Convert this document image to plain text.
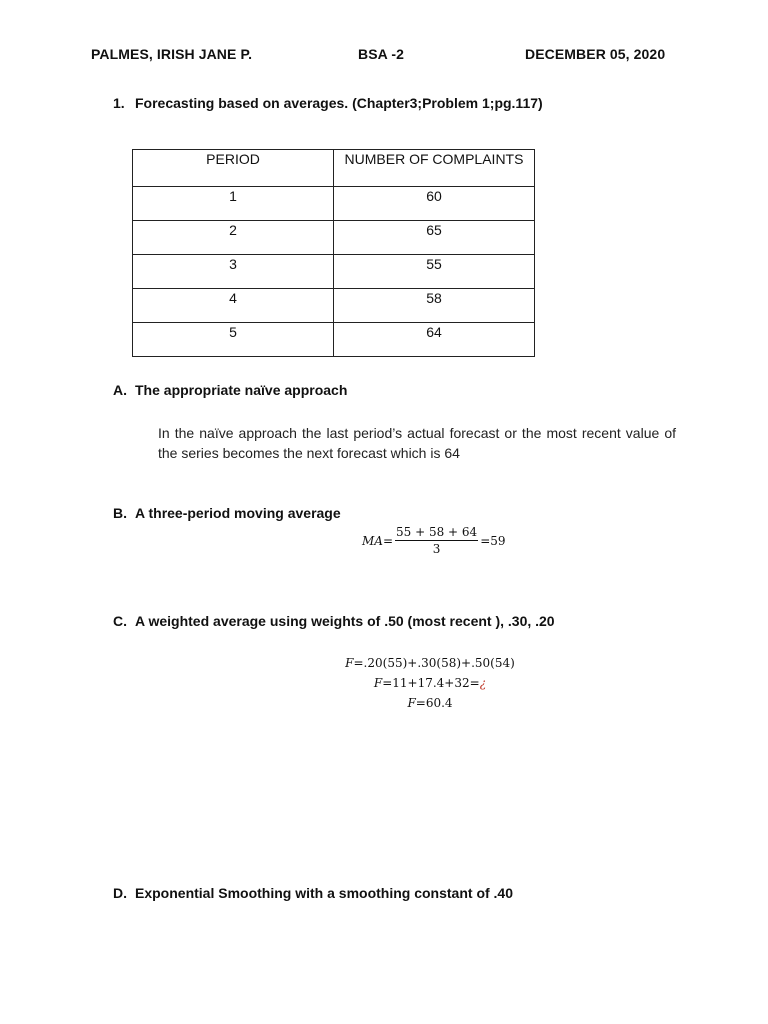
PALMES, IRISH JANE P.	BSA -2	DECEMBER 05, 2020
1. Forecasting based on averages. (Chapter3;Problem 1;pg.117)
PERIOD	NUMBER OF COMPLAINTS
1	60
2	65
3	55
4	58
5	64
A. The appropriate naïve approach
In the naïve approach the last period’s actual forecast or the most recent value of the series becomes the next forecast which is 64
B. A three-period moving average
MA = $\frac{55 + 58 + 64}{3} =59$
C. A weighted average using weights of .50 (most recent ), .30, .20
F=.20(55)+.30(58)+.50(54)
F=11+17.4+32=¿
F=60.4
D. Exponential Smoothing with a smoothing constant of .40
